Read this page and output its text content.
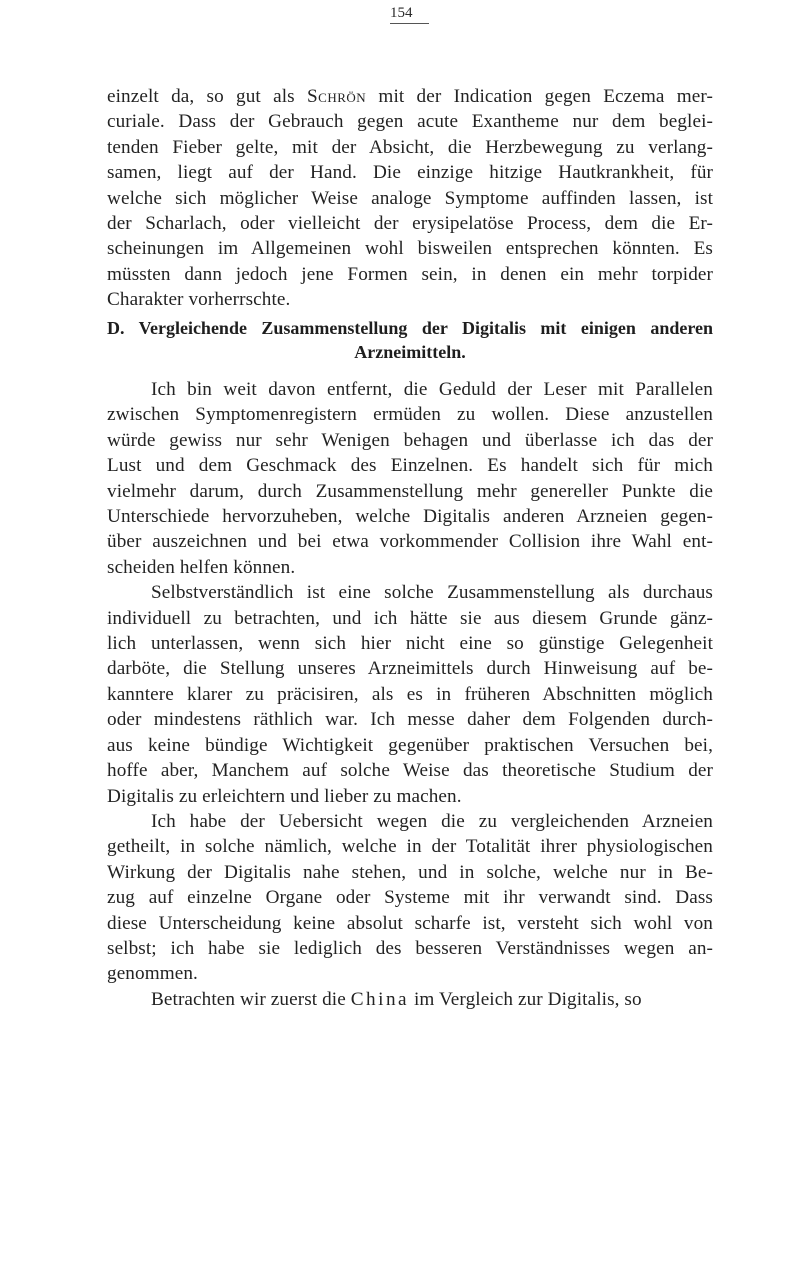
154
einzelt da, so gut als Schrön mit der Indication gegen Eczema mer-
curiale. Dass der Gebrauch gegen acute Exantheme nur dem beglei-
tenden Fieber gelte, mit der Absicht, die Herzbewegung zu verlang-
samen, liegt auf der Hand. Die einzige hitzige Hautkrankheit, für
welche sich möglicher Weise analoge Symptome auffinden lassen, ist
der Scharlach, oder vielleicht der erysipelatöse Process, dem die Er-
scheinungen im Allgemeinen wohl bisweilen entsprechen könnten. Es
müssten dann jedoch jene Formen sein, in denen ein mehr torpider
Charakter vorherrschte.
D. Vergleichende Zusammenstellung der Digitalis mit einigen anderen
Arzneimitteln.
Ich bin weit davon entfernt, die Geduld der Leser mit Parallelen
zwischen Symptomenregistern ermüden zu wollen. Diese anzustellen
würde gewiss nur sehr Wenigen behagen und überlasse ich das der
Lust und dem Geschmack des Einzelnen. Es handelt sich für mich
vielmehr darum, durch Zusammenstellung mehr genereller Punkte die
Unterschiede hervorzuheben, welche Digitalis anderen Arzneien gegen-
über auszeichnen und bei etwa vorkommender Collision ihre Wahl ent-
scheiden helfen können.
Selbstverständlich ist eine solche Zusammenstellung als durchaus
individuell zu betrachten, und ich hätte sie aus diesem Grunde gänz-
lich unterlassen, wenn sich hier nicht eine so günstige Gelegenheit
darböte, die Stellung unseres Arzneimittels durch Hinweisung auf be-
kanntere klarer zu präcisiren, als es in früheren Abschnitten möglich
oder mindestens räthlich war. Ich messe daher dem Folgenden durch-
aus keine bündige Wichtigkeit gegenüber praktischen Versuchen bei,
hoffe aber, Manchem auf solche Weise das theoretische Studium der
Digitalis zu erleichtern und lieber zu machen.
Ich habe der Uebersicht wegen die zu vergleichenden Arzneien
getheilt, in solche nämlich, welche in der Totalität ihrer physiologischen
Wirkung der Digitalis nahe stehen, und in solche, welche nur in Be-
zug auf einzelne Organe oder Systeme mit ihr verwandt sind. Dass
diese Unterscheidung keine absolut scharfe ist, versteht sich wohl von
selbst; ich habe sie lediglich des besseren Verständnisses wegen an-
genommen.
Betrachten wir zuerst die China im Vergleich zur Digitalis, so
